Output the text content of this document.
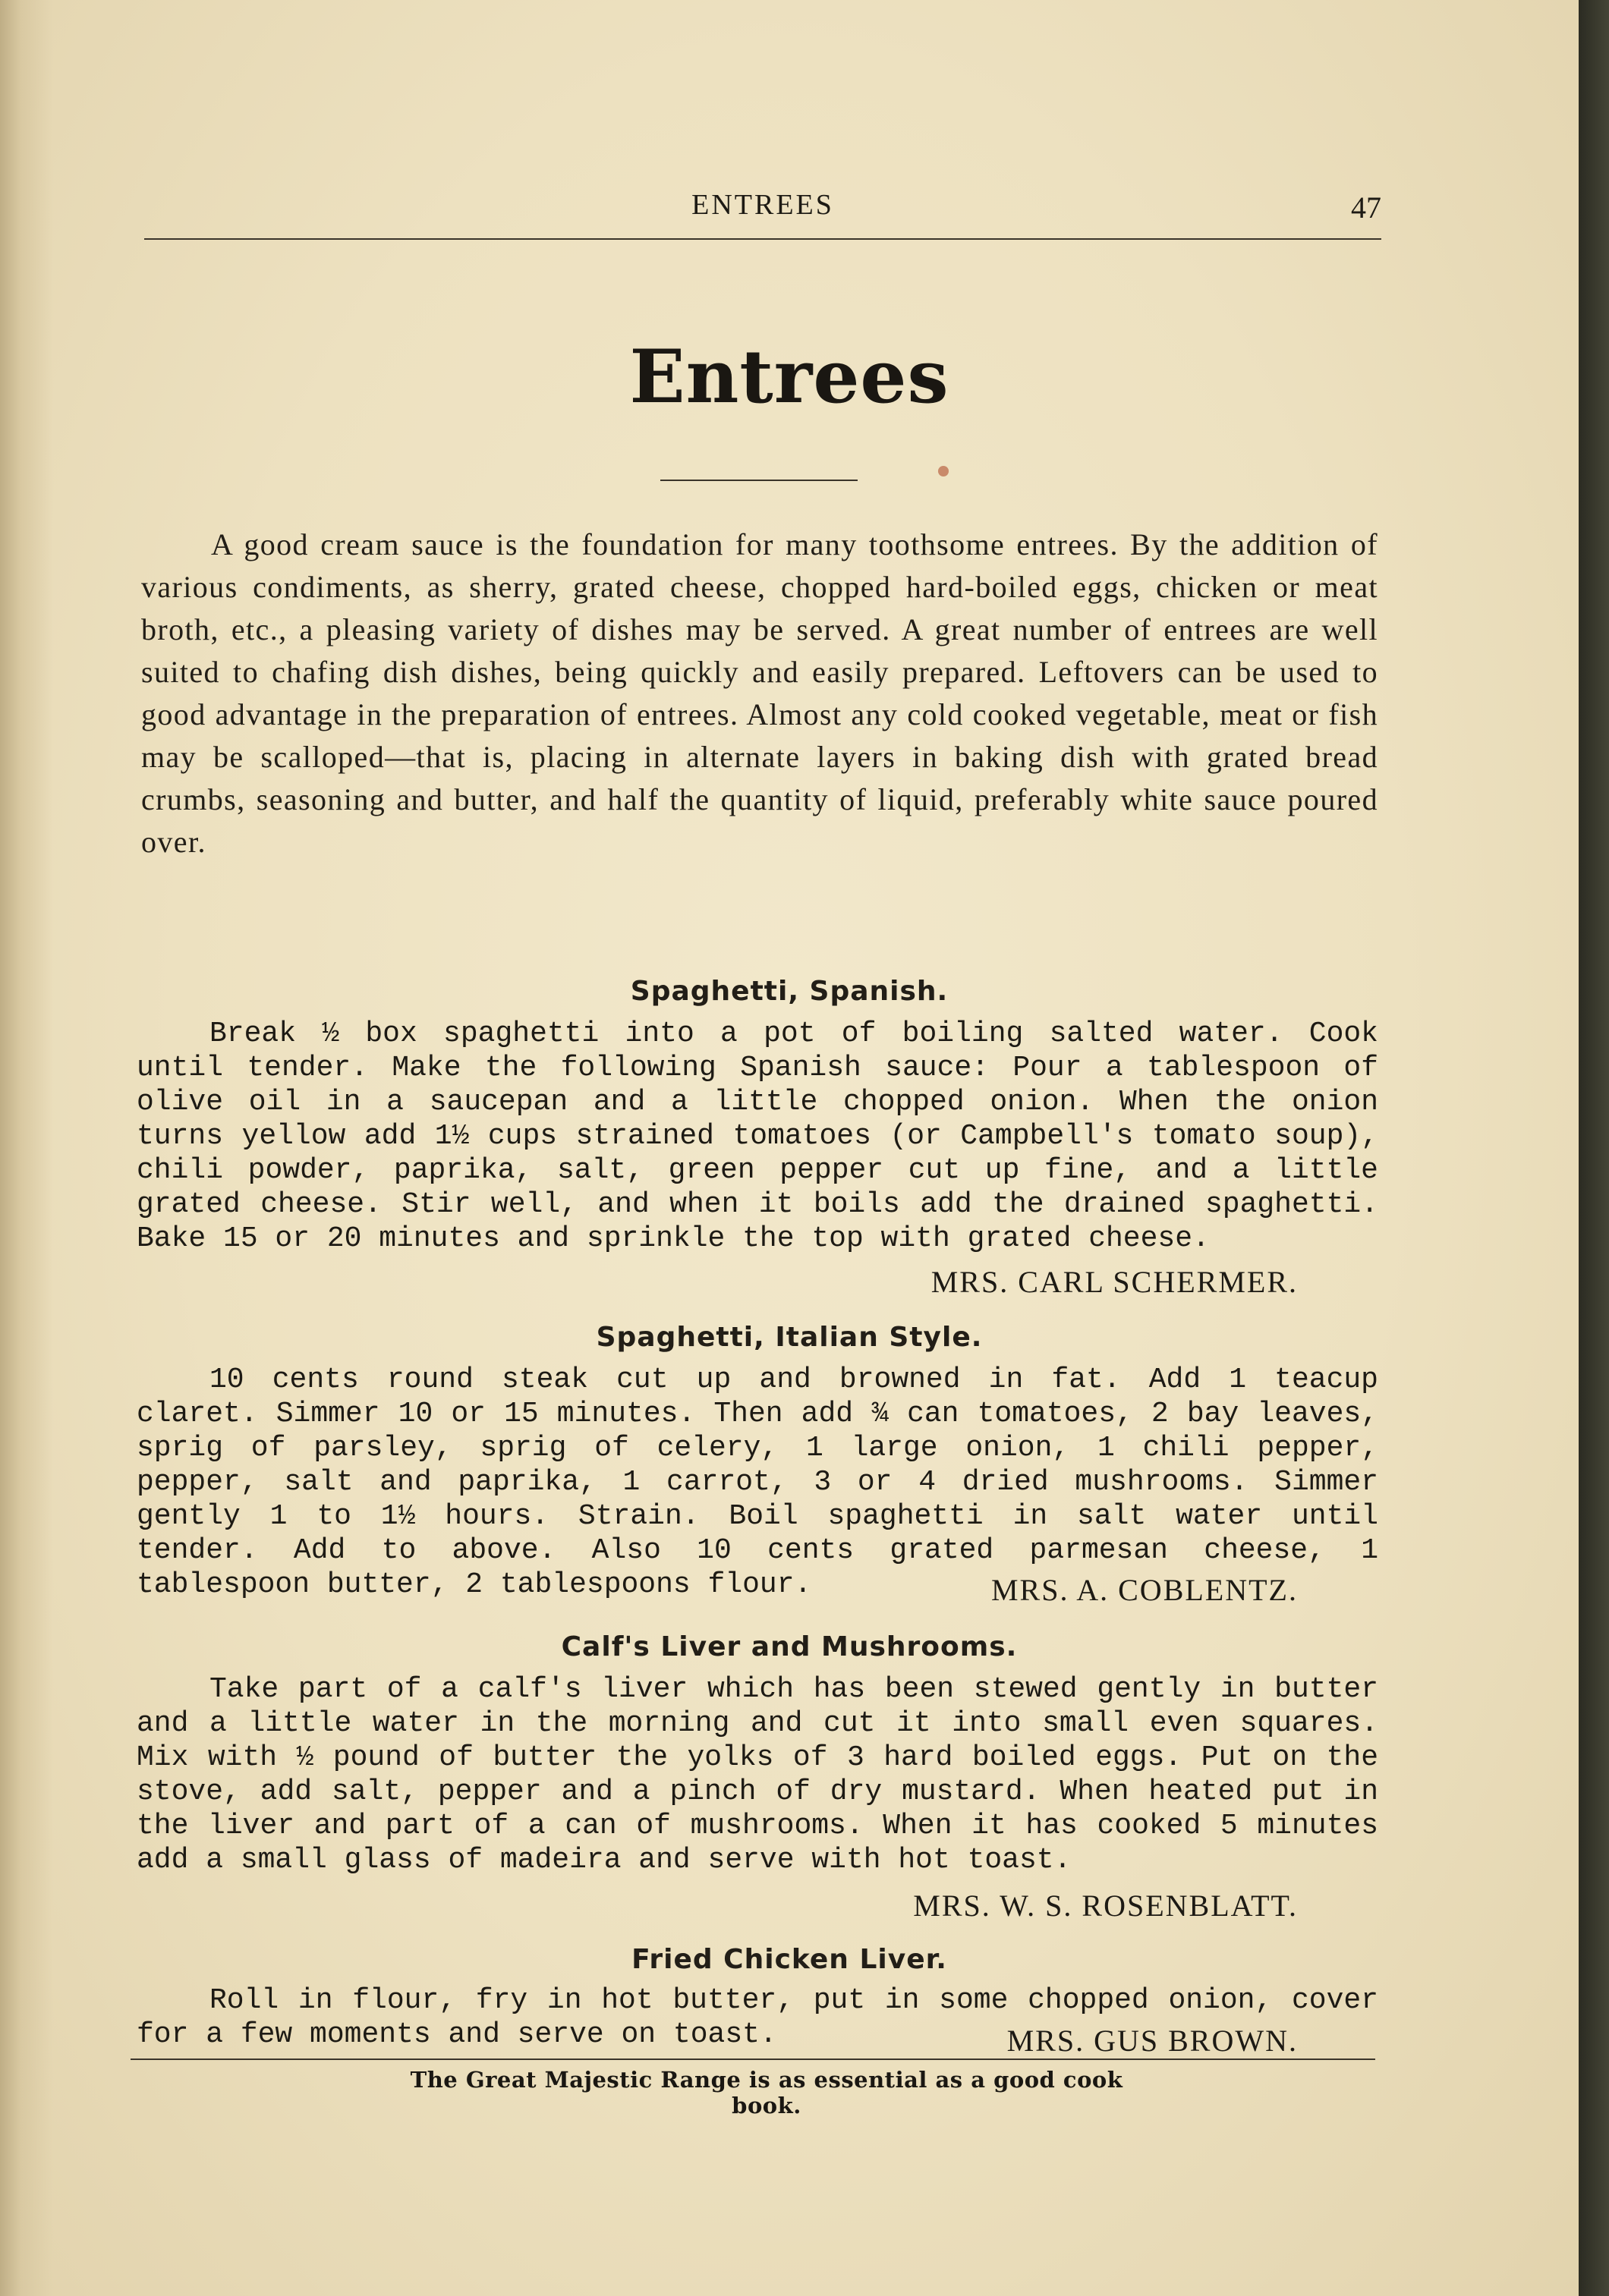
ENTREES	47
Entrees

A good cream sauce is the foundation for many toothsome entrees. By the addition of various condiments, as sherry, grated cheese, chopped hard-boiled eggs, chicken or meat broth, etc., a pleasing variety of dishes may be served. A great number of entrees are well suited to chafing dish dishes, being quickly and easily prepared. Leftovers can be used to good advantage in the preparation of entrees. Almost any cold cooked vegetable, meat or fish may be scalloped—that is, placing in alternate layers in baking dish with grated bread crumbs, seasoning and butter, and half the quantity of liquid, preferably white sauce poured over.

Spaghetti, Spanish.

Break ½ box spaghetti into a pot of boiling salted water. Cook until tender. Make the following Spanish sauce: Pour a tablespoon of olive oil in a saucepan and a little chopped onion. When the onion turns yellow add 1½ cups strained tomatoes (or Campbell's tomato soup), chili powder, paprika, salt, green pepper cut up fine, and a little grated cheese. Stir well, and when it boils add the drained spaghetti. Bake 15 or 20 minutes and sprinkle the top with grated cheese.

MRS. CARL SCHERMER.
Spaghetti, Italian Style.

10 cents round steak cut up and browned in fat. Add 1 teacup claret. Simmer 10 or 15 minutes. Then add ¾ can tomatoes, 2 bay leaves, sprig of parsley, sprig of celery, 1 large onion, 1 chili pepper, pepper, salt and paprika, 1 carrot, 3 or 4 dried mushrooms. Simmer gently 1 to 1½ hours. Strain. Boil spaghetti in salt water until tender. Add to above. Also 10 cents grated parmesan cheese, 1 tablespoon butter, 2 tablespoons flour.	MRS. A. COBLENTZ.
Calf's Liver and Mushrooms.

Take part of a calf's liver which has been stewed gently in butter and a little water in the morning and cut it into small even squares. Mix with ½ pound of butter the yolks of 3 hard boiled eggs. Put on the stove, add salt, pepper and a pinch of dry mustard. When heated put in the liver and part of a can of mushrooms. When it has cooked 5 minutes add a small glass of madeira and serve with hot toast.

MRS. W. S. ROSENBLATT.
Fried Chicken Liver.

Roll in flour, fry in hot butter, put in some chopped onion, cover for a few moments and serve on toast.	MRS. GUS BROWN.
The Great Majestic Range is as essential as a good cook book.
